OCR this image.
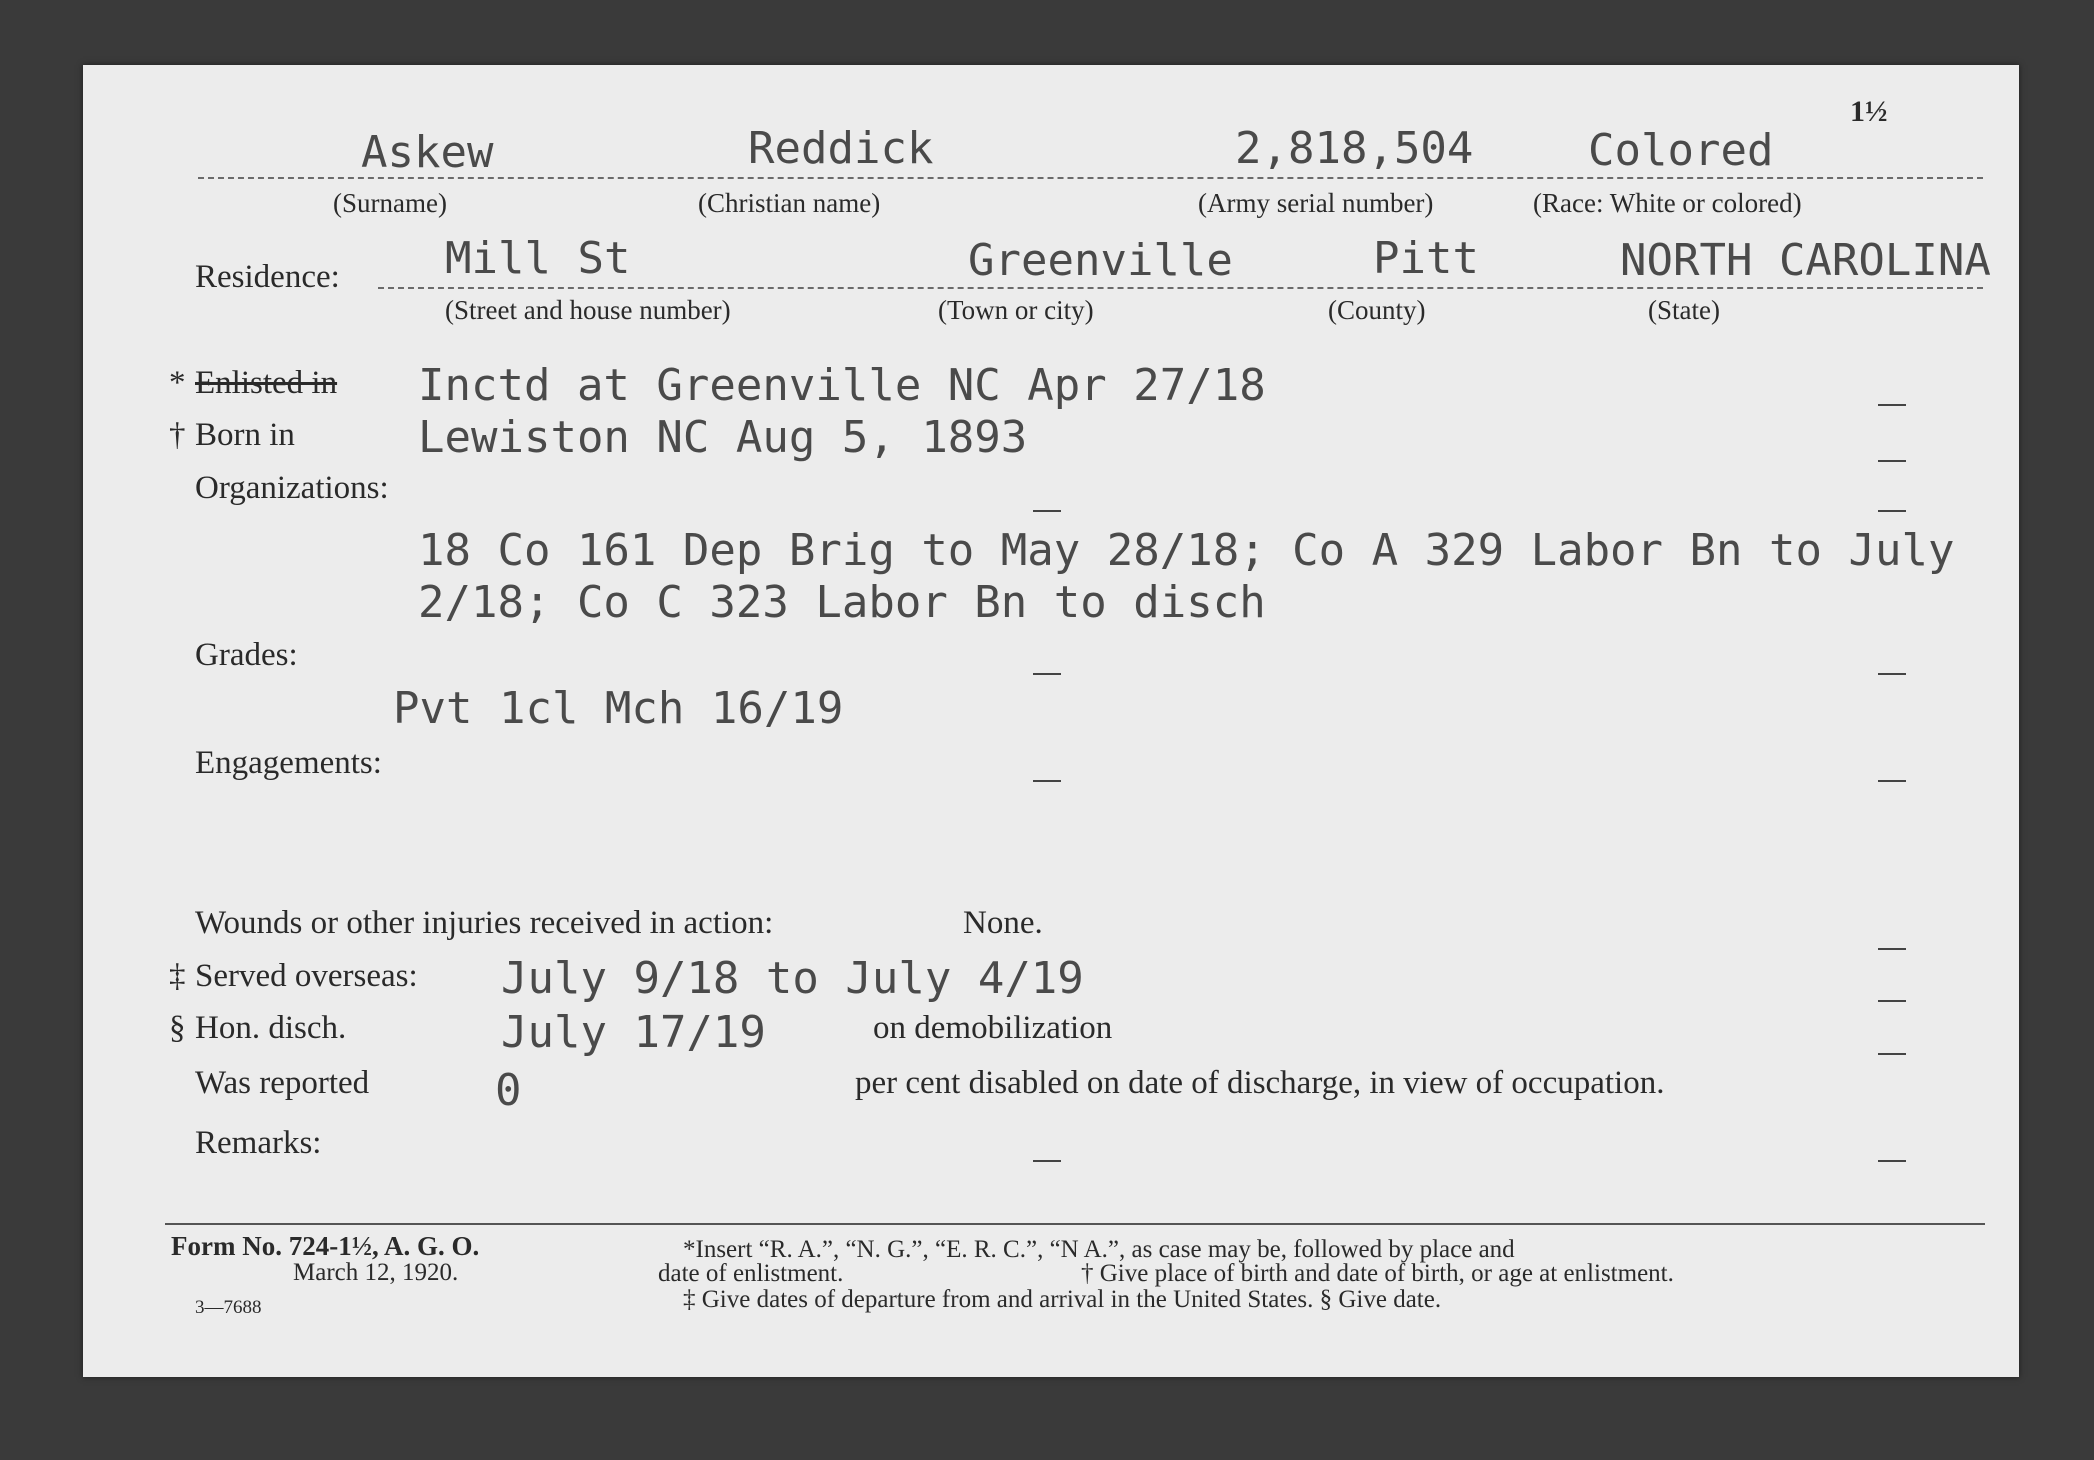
1½
Askew	Reddick	2,818,504	Colored
(Surname)	(Christian name)	(Army serial number)	(Race: White or colored)
Residence: Mill St	Greenville	Pitt	NORTH CAROLINA
(Street and house number)	(Town or city)	(County)	(State)
* Enlisted in Inctd at Greenville NC Apr 27/18
† Born in	Lewiston NC Aug 5, 1893
Organizations:
18 Co 161 Dep Brig to May 28/18; Co A 329 Labor Bn to July
2/18; Co C 323 Labor Bn to disch
Grades:
Pvt 1cl Mch 16/19
Engagements:
Wounds or other injuries received in action:	None.
‡ Served overseas: July 9/18 to July 4/19
§ Hon. disch.	July 17/19	on demobilization
Was reported	0	per cent disabled on date of discharge, in view of occupation.
Remarks:
Form No. 724-1½, A. G. O.
March 12, 1920.
3—7688
*Insert “R. A.”, “N. G.”, “E. R. C.”, “N A.”, as case may be, followed by place and
date of enlistment.	† Give place of birth and date of birth, or age at enlistment.
‡ Give dates of departure from and arrival in the United States. § Give date.
